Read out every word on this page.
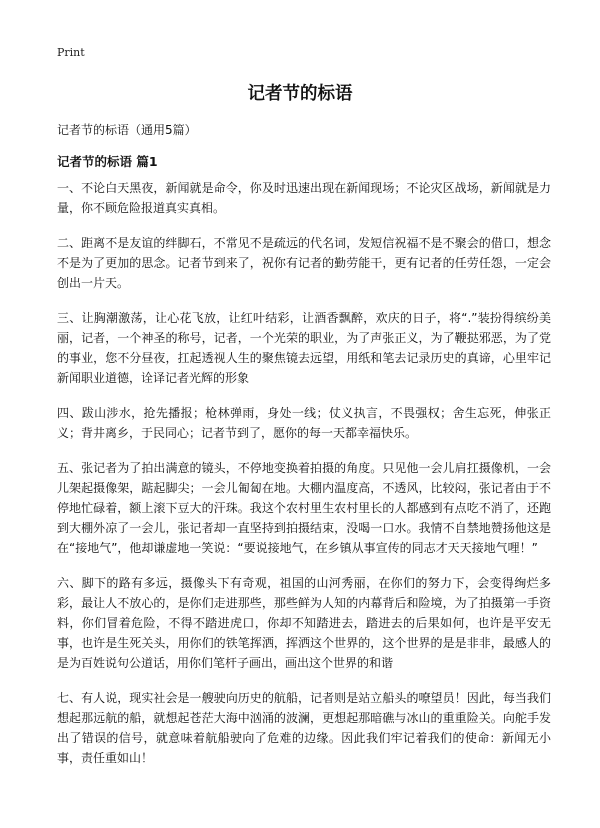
Print
记者节的标语

记者节的标语（通用5篇）

记者节的标语 篇1

一、不论白天黑夜，新闻就是命令，你及时迅速出现在新闻现场；不论灾区战场，新闻就是力量，你不顾危险报道真实真相。

二、距离不是友谊的绊脚石，不常见不是疏远的代名词，发短信祝福不是不聚会的借口，想念不是为了更加的思念。记者节到来了，祝你有记者的勤劳能干，更有记者的任劳任怨，一定会创出一片天。

三、让胸潮激荡，让心花飞放，让红叶结彩，让酒香飘醉，欢庆的日子，将“.”装扮得缤纷美丽，记者，一个神圣的称号，记者，一个光荣的职业，为了声张正义，为了鞭挞邪恶，为了党的事业，您不分昼夜，扛起透视人生的聚焦镜去远望，用纸和笔去记录历史的真谛，心里牢记新闻职业道德，诠译记者光辉的形象

四、跋山涉水，抢先播报；枪林弹雨，身处一线；仗义执言，不畏强权；舍生忘死，伸张正义；背井离乡，于民同心；记者节到了，愿你的每一天都幸福快乐。

五、张记者为了拍出满意的镜头，不停地变换着拍摄的角度。只见他一会儿肩扛摄像机，一会儿架起摄像架，踮起脚尖；一会儿匍匐在地。大棚内温度高，不透风，比较闷，张记者由于不停地忙碌着，额上滚下豆大的汗珠。我这个农村里生农村里长的人都感到有点吃不消了，还跑到大棚外凉了一会儿，张记者却一直坚持到拍摄结束，没喝一口水。我情不自禁地赞扬他这是在“接地气”，他却谦虚地一笑说：“要说接地气，在乡镇从事宣传的同志才天天接地气哩！”

六、脚下的路有多远，摄像头下有奇观，祖国的山河秀丽，在你们的努力下，会变得绚烂多彩，最让人不放心的，是你们走进那些，那些鲜为人知的内幕背后和险境，为了拍摄第一手资料，你们冒着危险，不得不踏进虎口，你却不知踏进去，踏进去的后果如何，也许是平安无事，也许是生死关头，用你们的铁笔挥洒，挥洒这个世界的，这个世界的是是非非，最感人的是为百姓说句公道话，用你们笔杆子画出，画出这个世界的和谐

七、有人说，现实社会是一艘驶向历史的航船，记者则是站立船头的嘹望员！因此，每当我们想起那远航的船，就想起苍茫大海中汹涌的波澜，更想起那暗礁与冰山的重重险关。向舵手发出了错误的信号，就意味着航船驶向了危难的边缘。因此我们牢记着我们的使命：新闻无小事，责任重如山！
